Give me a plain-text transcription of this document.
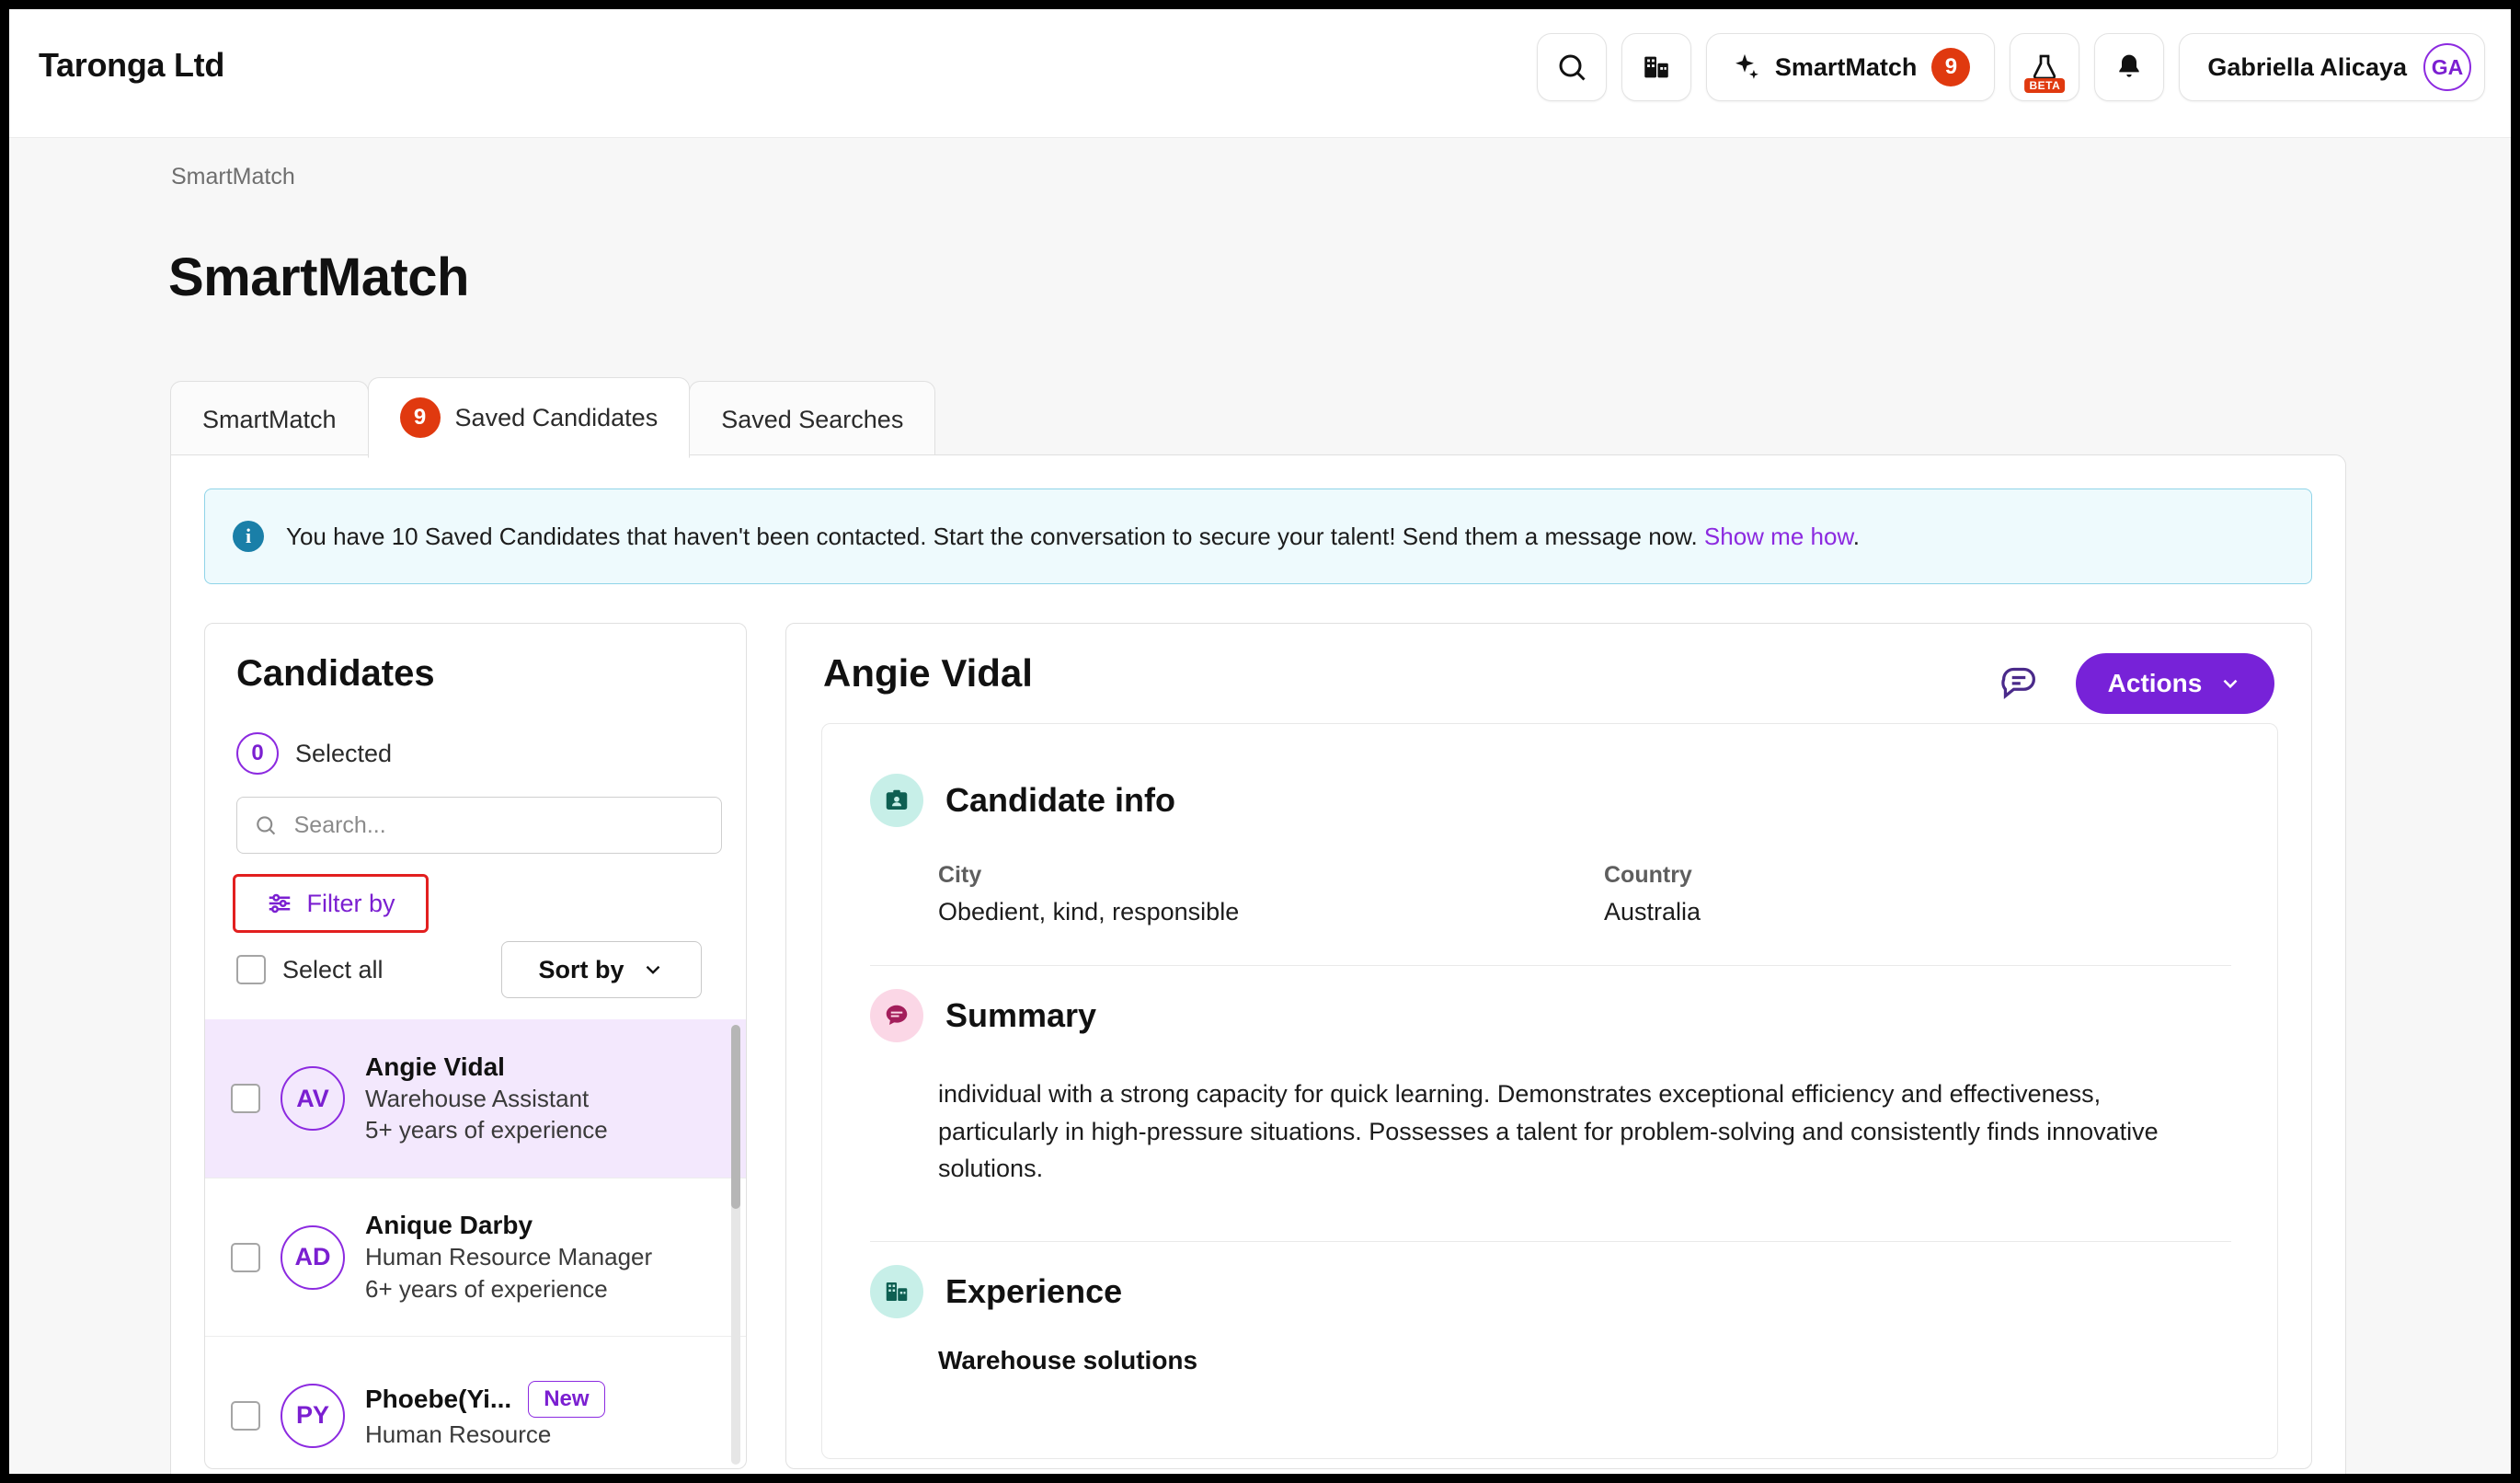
Taronga Ltd	SmartMatch	9
BETA
Gabriella Alicaya	GA
SmartMatch
SmartMatch
SmartMatch	9	Saved Candidates	Saved Searches
i	You have 10 Saved Candidates that haven't been contacted. Start the conversation to secure your talent! Send them a message now. Show me how.
Candidates
0	Selected
Search...
Filter by
Select all	Sort by
AV
Angie Vidal
Warehouse Assistant
5+ years of experience
AD
Anique Darby
Human Resource Manager
6+ years of experience
PY
Phoebe(Yi...	New
Human Resource
Angie Vidal	Actions
Candidate info
City
Obedient, kind, responsible
Country
Australia
Summary
individual with a strong capacity for quick learning. Demonstrates exceptional efficiency and effectiveness, particularly in high-pressure situations. Possesses a talent for problem-solving and consistently finds innovative solutions.
Experience
Warehouse solutions
